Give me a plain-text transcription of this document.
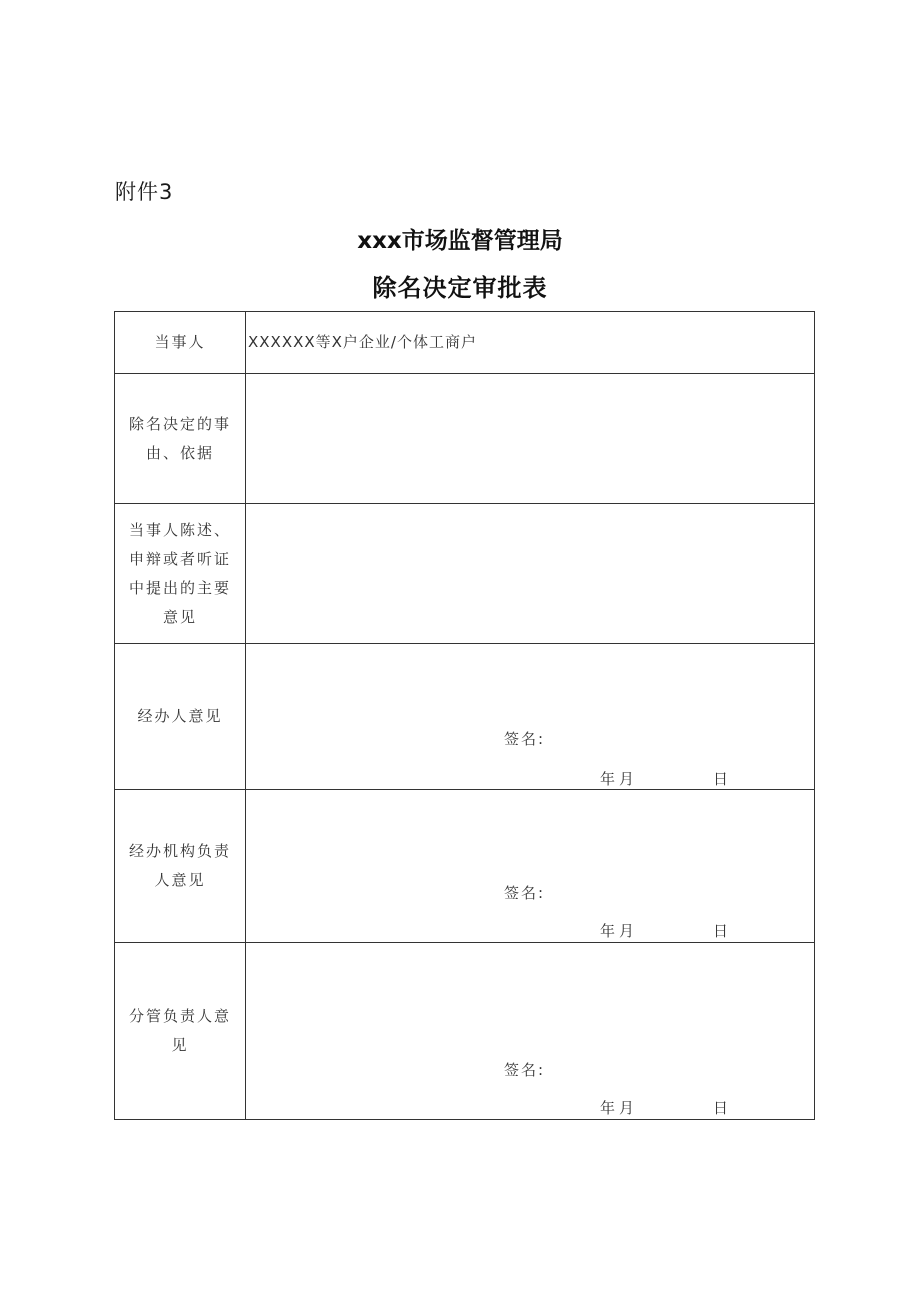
附件3
xxx市场监督管理局
除名决定审批表
当事人	XXXXXX等X户企业/个体工商户

除名决定的事由、依据	
当事人陈述、申辩或者听证中提出的主要意见	
经办人意见	签名:
年月 日

经办机构负责人意见	签名:
年月 日

分管负责人意见	签名:
年月 日
